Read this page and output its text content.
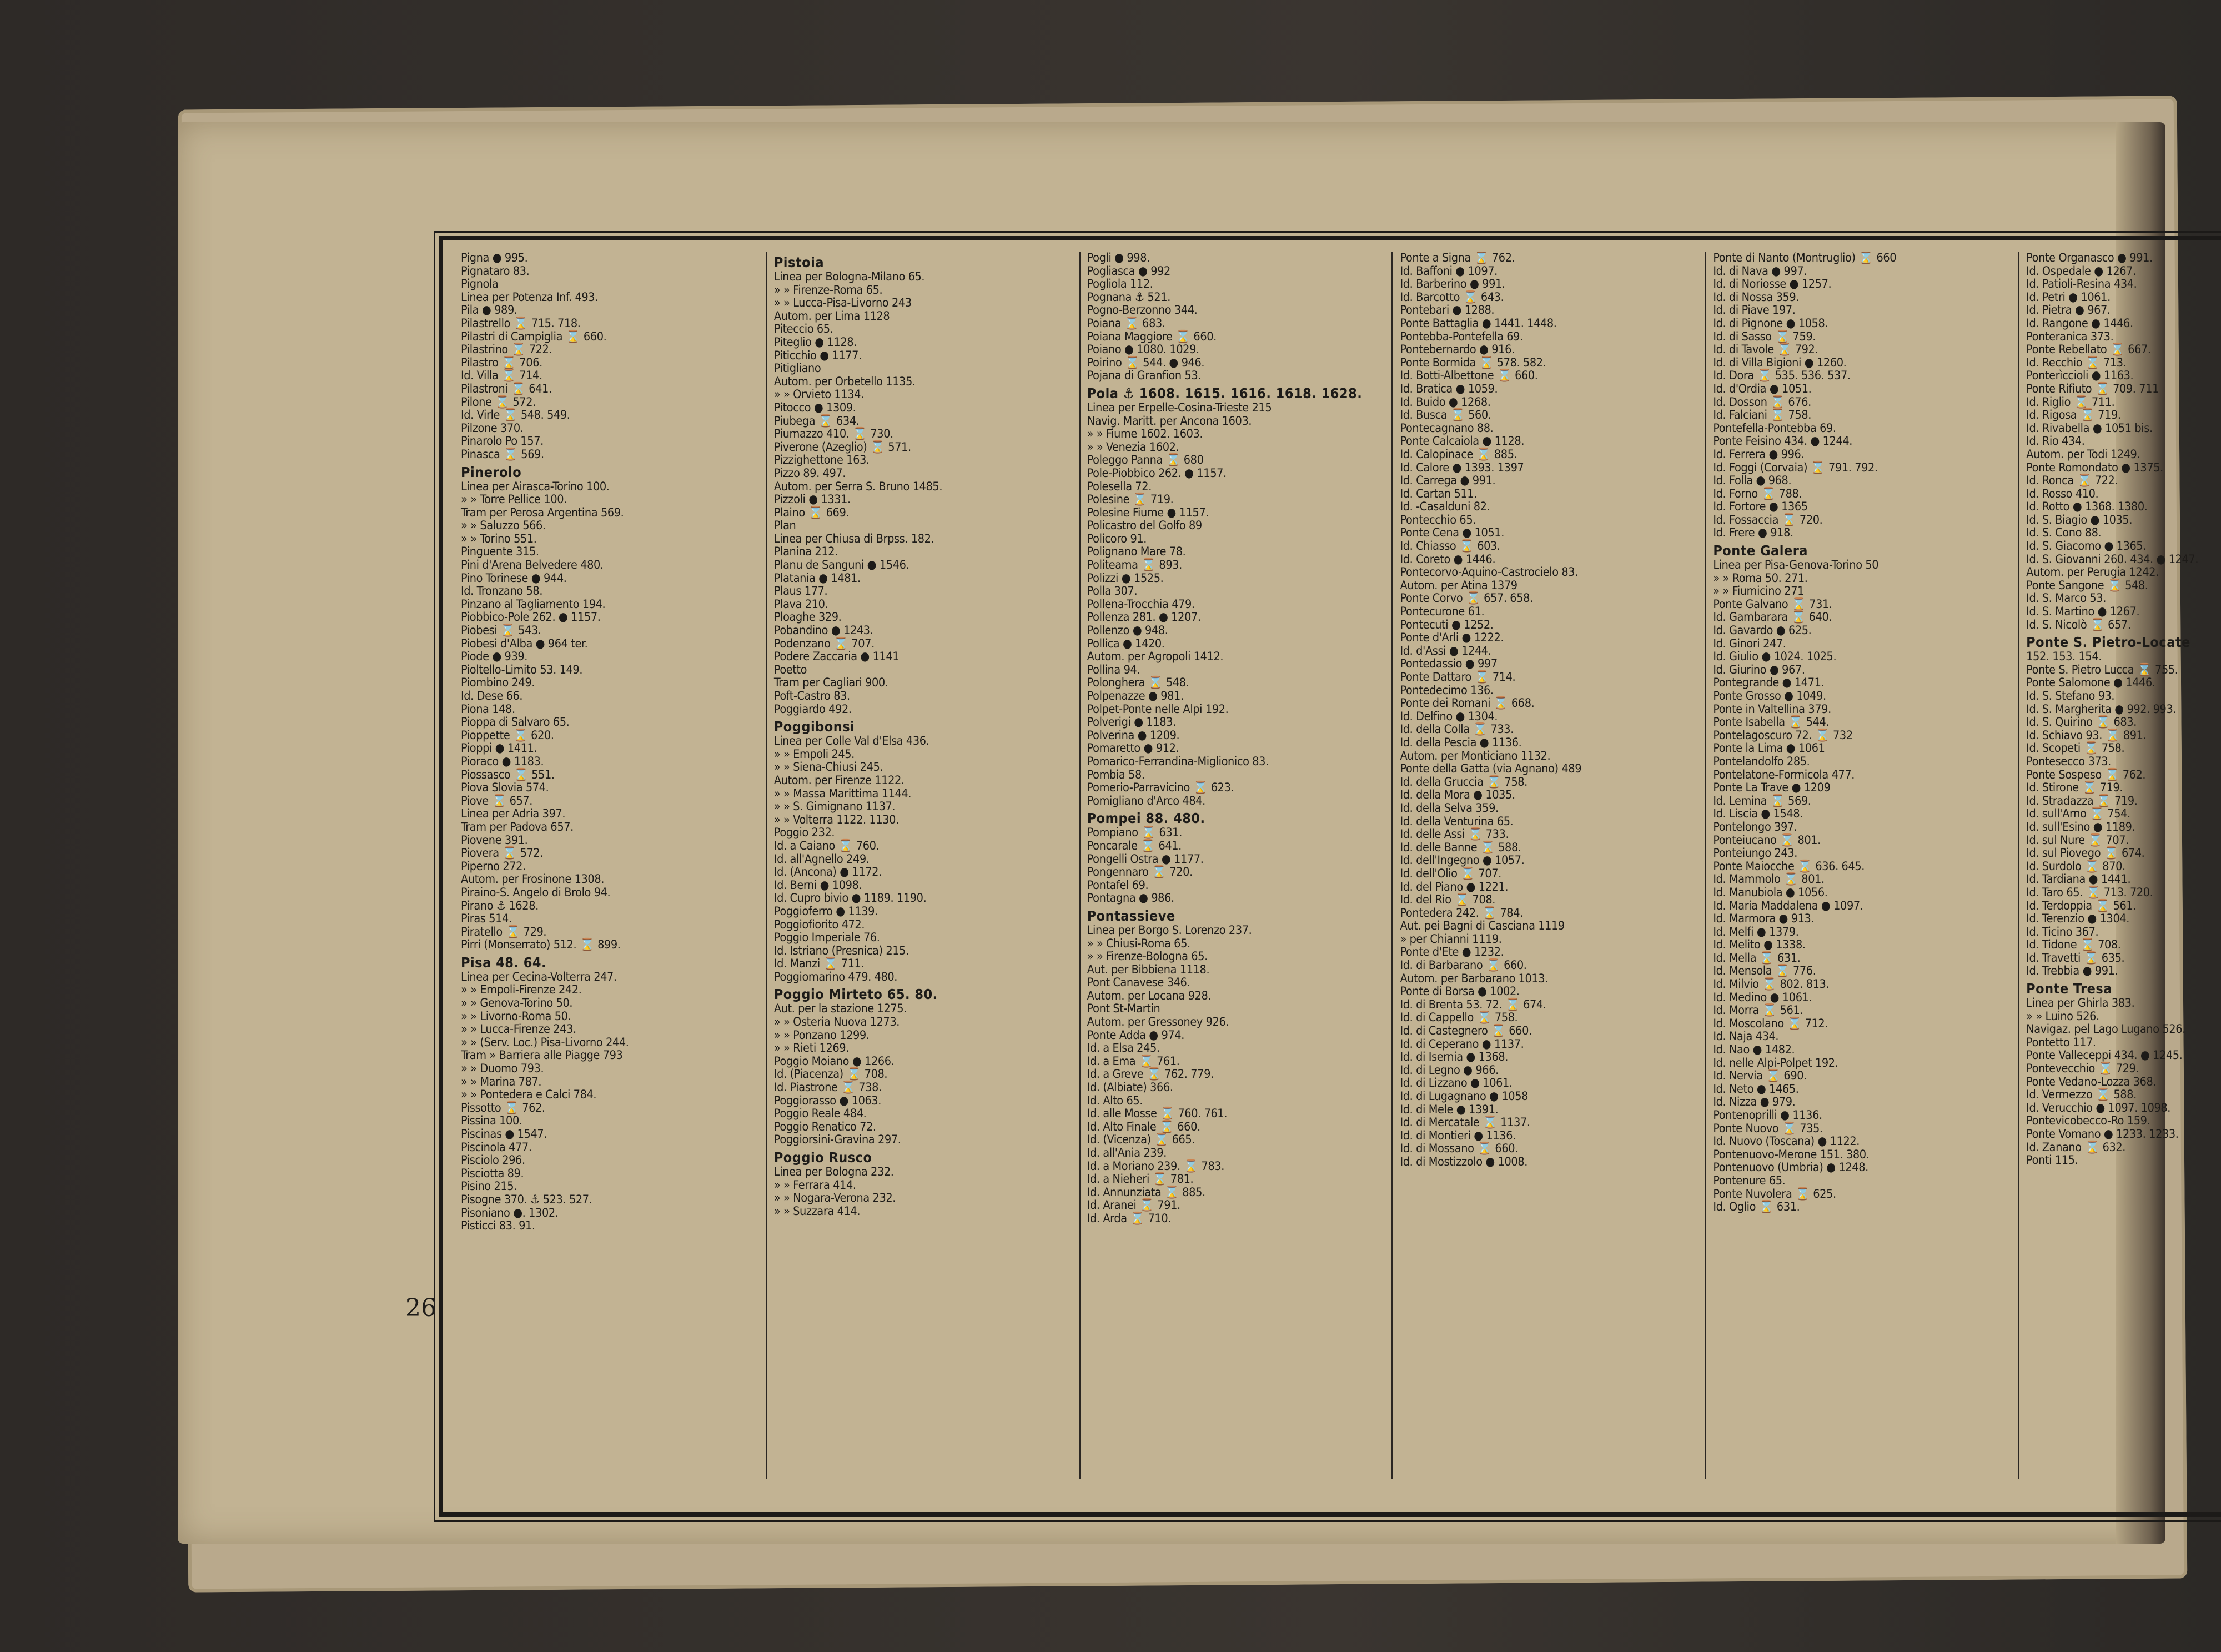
26
Pigna ● 995.
Pignataro 83.
Pignola
Linea per Potenza Inf. 493.
Pila ● 989.
Pilastrello ⌛ 715. 718.
Pilastri di Campiglia ⌛ 660.
Pilastrino ⌛ 722.
Pilastro ⌛ 706.
Id. Villa ⌛ 714.
Pilastroni ⌛ 641.
Pilone ⌛ 572.
Id. Virle ⌛ 548. 549.
Pilzone 370.
Pinarolo Po 157.
Pinasca ⌛ 569.
Pinerolo
Linea per Airasca-Torino 100.
» » Torre Pellice 100.
Tram per Perosa Argentina 569.
» » Saluzzo 566.
» » Torino 551.
Pinguente 315.
Pini d'Arena Belvedere 480.
Pino Torinese ● 944.
Id. Tronzano 58.
Pinzano al Tagliamento 194.
Piobbico-Pole 262. ● 1157.
Piobesi ⌛ 543.
Piobesi d'Alba ● 964 ter.
Piode ● 939.
Pioltello-Limito 53. 149.
Piombino 249.
Id. Dese 66.
Piona 148.
Pioppa di Salvaro 65.
Pioppette ⌛ 620.
Pioppi ● 1411.
Pioraco ● 1183.
Piossasco ⌛ 551.
Piova Slovia 574.
Piove ⌛ 657.
Linea per Adria 397.
Tram per Padova 657.
Piovene 391.
Piovera ⌛ 572.
Piperno 272.
Autom. per Frosinone 1308.
Piraino-S. Angelo di Brolo 94.
Pirano ⚓ 1628.
Piras 514.
Piratello ⌛ 729.
Pirri (Monserrato) 512. ⌛ 899.
Pisa 48. 64.
Linea per Cecina-Volterra 247.
» » Empoli-Firenze 242.
» » Genova-Torino 50.
» » Livorno-Roma 50.
» » Lucca-Firenze 243.
» » (Serv. Loc.) Pisa-Livorno 244.
Tram » Barriera alle Piagge 793
» » Duomo 793.
» » Marina 787.
» » Pontedera e Calci 784.
Pissotto ⌛ 762.
Pissina 100.
Piscinas ● 1547.
Piscinola 477.
Pisciolo 296.
Pisciotta 89.
Pisino 215.
Pisogne 370. ⚓ 523. 527.
Pisoniano ●. 1302.
Pisticci 83. 91.
Pistoia
Linea per Bologna-Milano 65.
» » Firenze-Roma 65.
» » Lucca-Pisa-Livorno 243
Autom. per Lima 1128
Piteccio 65.
Piteglio ● 1128.
Piticchio ● 1177.
Pitigliano
Autom. per Orbetello 1135.
» » Orvieto 1134.
Pitocco ● 1309.
Piubega ⌛ 634.
Piumazzo 410. ⌛ 730.
Piverone (Azeglio) ⌛ 571.
Pizzighettone 163.
Pizzo 89. 497.
Autom. per Serra S. Bruno 1485.
Pizzoli ● 1331.
Plaino ⌛ 669.
Plan
Linea per Chiusa di Brpss. 182.
Planina 212.
Planu de Sanguni ● 1546.
Platania ● 1481.
Plaus 177.
Plava 210.
Ploaghe 329.
Pobandino ● 1243.
Podenzano ⌛ 707.
Podere Zaccaria ● 1141
Poetto
Tram per Cagliari 900.
Poft-Castro 83.
Poggiardo 492.
Poggibonsi
Linea per Colle Val d'Elsa 436.
» » Empoli 245.
» » Siena-Chiusi 245.
Autom. per Firenze 1122.
» » Massa Marittima 1144.
» » S. Gimignano 1137.
» » Volterra 1122. 1130.
Poggio 232.
Id. a Caiano ⌛ 760.
Id. all'Agnello 249.
Id. (Ancona) ● 1172.
Id. Berni ● 1098.
Id. Cupro bivio ● 1189. 1190.
Poggioferro ● 1139.
Poggiofiorito 472.
Poggio Imperiale 76.
Id. Istriano (Presnica) 215.
Id. Manzi ⌛ 711.
Poggiomarino 479. 480.
Poggio Mirteto 65. 80.
Aut. per la stazione 1275.
» » Osteria Nuova 1273.
» » Ponzano 1299.
» » Rieti 1269.
Poggio Moiano ● 1266.
Id. (Piacenza) ⌛ 708.
Id. Piastrone ⌛ 738.
Poggiorasso ● 1063.
Poggio Reale 484.
Poggio Renatico 72.
Poggiorsini-Gravina 297.
Poggio Rusco
Linea per Bologna 232.
» » Ferrara 414.
» » Nogara-Verona 232.
» » Suzzara 414.
Pogli ● 998.
Pogliasca ● 992
Pogliola 112.
Pognana ⚓ 521.
Pogno-Berzonno 344.
Poiana ⌛ 683.
Poiana Maggiore ⌛ 660.
Poiano ● 1080. 1029.
Poirino ⌛ 544. ● 946.
Pojana di Granfion 53.
Pola ⚓ 1608. 1615. 1616. 1618. 1628.
Linea per Erpelle-Cosina-Trieste 215
Navig. Maritt. per Ancona 1603.
» » Fiume 1602. 1603.
» » Venezia 1602.
Poleggo Panna ⌛ 680
Pole-Piobbico 262. ● 1157.
Polesella 72.
Polesine ⌛ 719.
Polesine Fiume ● 1157.
Policastro del Golfo 89
Policoro 91.
Polignano Mare 78.
Politeama ⌛ 893.
Polizzi ● 1525.
Polla 307.
Pollena-Trocchia 479.
Pollenza 281. ● 1207.
Pollenzo ● 948.
Pollica ● 1420.
Autom. per Agropoli 1412.
Pollina 94.
Polonghera ⌛ 548.
Polpenazze ● 981.
Polpet-Ponte nelle Alpi 192.
Polverigi ● 1183.
Polverina ● 1209.
Pomaretto ● 912.
Pomarico-Ferrandina-Miglionico 83.
Pombia 58.
Pomerio-Parravicino ⌛ 623.
Pomigliano d'Arco 484.
Pompei 88. 480.
Pompiano ⌛ 631.
Poncarale ⌛ 641.
Pongelli Ostra ● 1177.
Pongennaro ⌛ 720.
Pontafel 69.
Pontagna ● 986.
Pontassieve
Linea per Borgo S. Lorenzo 237.
» » Chiusi-Roma 65.
» » Firenze-Bologna 65.
Aut. per Bibbiena 1118.
Pont Canavese 346.
Autom. per Locana 928.
Pont St-Martin
Autom. per Gressoney 926.
Ponte Adda ● 974.
Id. a Elsa 245.
Id. a Ema ⌛ 761.
Id. a Greve ⌛ 762. 779.
Id. (Albiate) 366.
Id. Alto 65.
Id. alle Mosse ⌛ 760. 761.
Id. Alto Finale ⌛ 660.
Id. (Vicenza) ⌛ 665.
Id. all'Ania 239.
Id. a Moriano 239. ⌛ 783.
Id. a Nieheri ⌛ 781.
Id. Annunziata ⌛ 885.
Id. Aranei ⌛ 791.
Id. Arda ⌛ 710.
Ponte a Signa ⌛ 762.
Id. Baffoni ● 1097.
Id. Barberino ● 991.
Id. Barcotto ⌛ 643.
Pontebari ● 1288.
Ponte Battaglia ● 1441. 1448.
Pontebba-Pontefella 69.
Pontebernardo ● 916.
Ponte Bormida ⌛ 578. 582.
Id. Botti-Albettone ⌛ 660.
Id. Bratica ● 1059.
Id. Buido ● 1268.
Id. Busca ⌛ 560.
Pontecagnano 88.
Ponte Calcaiola ● 1128.
Id. Calopinace ⌛ 885.
Id. Calore ● 1393. 1397
Id. Carrega ● 991.
Id. Cartan 511.
Id. -Casalduni 82.
Pontecchio 65.
Ponte Cena ● 1051.
Id. Chiasso ⌛ 603.
Id. Coreto ● 1446.
Pontecorvo-Aquino-Castrocielo 83.
Autom. per Atina 1379
Ponte Corvo ⌛ 657. 658.
Pontecurone 61.
Pontecuti ● 1252.
Ponte d'Arli ● 1222.
Id. d'Assi ● 1244.
Pontedassio ● 997
Ponte Dattaro ⌛ 714.
Pontedecimo 136.
Ponte dei Romani ⌛ 668.
Id. Delfino ● 1304.
Id. della Colla ⌛ 733.
Id. della Pescia ● 1136.
Autom. per Monticiano 1132.
Ponte della Gatta (via Agnano) 489
Id. della Gruccia ⌛ 758.
Id. della Mora ● 1035.
Id. della Selva 359.
Id. della Venturina 65.
Id. delle Assi ⌛ 733.
Id. delle Banne ⌛ 588.
Id. dell'Ingegno ● 1057.
Id. dell'Olio ⌛ 707.
Id. del Piano ● 1221.
Id. del Rio ⌛ 708.
Pontedera 242. ⌛ 784.
Aut. pei Bagni di Casciana 1119
» per Chianni 1119.
Ponte d'Ete ● 1232.
Id. di Barbarano ⌛ 660.
Autom. per Barbarano 1013.
Ponte di Borsa ● 1002.
Id. di Brenta 53. 72. ⌛ 674.
Id. di Cappello ⌛ 758.
Id. di Castegnero ⌛ 660.
Id. di Ceperano ● 1137.
Id. di Isernia ● 1368.
Id. di Legno ● 966.
Id. di Lizzano ● 1061.
Id. di Lugagnano ● 1058
Id. di Mele ● 1391.
Id. di Mercatale ⌛ 1137.
Id. di Montieri ● 1136.
Id. di Mossano ⌛ 660.
Id. di Mostizzolo ● 1008.
Ponte di Nanto (Montruglio) ⌛ 660
Id. di Nava ● 997.
Id. di Noriosse ● 1257.
Id. di Nossa 359.
Id. di Piave 197.
Id. di Pignone ● 1058.
Id. di Sasso ⌛ 759.
Id. di Tavole ⌛ 792.
Id. di Villa Bigioni ● 1260.
Id. Dora ⌛ 535. 536. 537.
Id. d'Ordia ● 1051.
Id. Dosson ⌛ 676.
Id. Falciani ⌛ 758.
Pontefella-Pontebba 69.
Ponte Feisino 434. ● 1244.
Id. Ferrera ● 996.
Id. Foggi (Corvaia) ⌛ 791. 792.
Id. Folla ● 968.
Id. Forno ⌛ 788.
Id. Fortore ● 1365
Id. Fossaccia ⌛ 720.
Id. Frere ● 918.
Ponte Galera
Linea per Pisa-Genova-Torino 50
» » Roma 50. 271.
» » Fiumicino 271
Ponte Galvano ⌛ 731.
Id. Gambarara ⌛ 640.
Id. Gavardo ● 625.
Id. Ginori 247.
Id. Giulio ● 1024. 1025.
Id. Giurino ● 967.
Pontegrande ● 1471.
Ponte Grosso ● 1049.
Ponte in Valtellina 379.
Ponte Isabella ⌛ 544.
Pontelagoscuro 72. ⌛ 732
Ponte la Lima ● 1061
Pontelandolfo 285.
Pontelatone-Formicola 477.
Ponte La Trave ● 1209
Id. Lemina ⌛ 569.
Id. Liscia ● 1548.
Pontelongo 397.
Ponteiucano ⌛ 801.
Ponteiungo 243.
Ponte Maiocche ⌛ 636. 645.
Id. Mammolo ⌛ 801.
Id. Manubiola ● 1056.
Id. Maria Maddalena ● 1097.
Id. Marmora ● 913.
Id. Melfi ● 1379.
Id. Melito ● 1338.
Id. Mella ⌛ 631.
Id. Mensola ⌛ 776.
Id. Milvio ⌛ 802. 813.
Id. Medino ● 1061.
Id. Morra ⌛ 561.
Id. Moscolano ⌛ 712.
Id. Naja 434.
Id. Nao ● 1482.
Id. nelle Alpi-Polpet 192.
Id. Nervia ⌛ 690.
Id. Neto ● 1465.
Id. Nizza ● 979.
Pontenoprilli ● 1136.
Ponte Nuovo ⌛ 735.
Id. Nuovo (Toscana) ● 1122.
Pontenuovo-Merone 151. 380.
Pontenuovo (Umbria) ● 1248.
Pontenure 65.
Ponte Nuvolera ⌛ 625.
Id. Oglio ⌛ 631.
Ponte Organasco ● 991.
Id. Ospedale ● 1267.
Id. Patioli-Resina 434.
Id. Petri ● 1061.
Id. Pietra ● 967.
Id. Rangone ● 1446.
Ponteranica 373.
Ponte Rebellato ⌛ 667.
Id. Recchio ⌛ 713.
Ponterìccioli ● 1163.
Ponte Rifiuto ⌛ 709. 711
Id. Riglio ⌛ 711.
Id. Rigosa ⌛ 719.
Id. Rivabella ● 1051 bis.
Id. Rio 434.
Autom. per Todi 1249.
Ponte Romondato ● 1375.
Id. Ronca ⌛ 722.
Id. Rosso 410.
Id. Rotto ● 1368. 1380.
Id. S. Biagio ● 1035.
Id. S. Cono 88.
Id. S. Giacomo ● 1365.
Id. S. Giovanni 260. 434. ● 1247.
Autom. per Perugia 1242.
Ponte Sangone ⌛ 548.
Id. S. Marco 53.
Id. S. Martino ● 1267.
Id. S. Nicolò ⌛ 657.
Ponte S. Pietro-Locate
152. 153. 154.
Ponte S. Pietro Lucca ⌛ 755.
Ponte Salomone ● 1446.
Id. S. Stefano 93.
Id. S. Margherita ● 992. 993.
Id. S. Quirino ⌛ 683.
Id. Schiavo 93. ⌛ 891.
Id. Scopeti ⌛ 758.
Pontesecco 373.
Ponte Sospeso ⌛ 762.
Id. Stirone ⌛ 719.
Id. Stradazza ⌛ 719.
Id. sull'Arno ⌛ 754.
Id. sull'Esino ● 1189.
Id. sul Nure ⌛ 707.
Id. sul Piovego ⌛ 674.
Id. Surdolo ⌛ 870.
Id. Tardiana ● 1441.
Id. Taro 65. ⌛ 713. 720.
Id. Terdoppia ⌛ 561.
Id. Terenzio ● 1304.
Id. Ticino 367.
Id. Tidone ⌛ 708.
Id. Travetti ⌛ 635.
Id. Trebbia ● 991.
Ponte Tresa
Linea per Ghirla 383.
» » Luino 526.
Navigaz. pel Lago Lugano 526.
Pontetto 117.
Ponte Valleceppi 434. ● 1245.
Pontevecchio ⌛ 729.
Ponte Vedano-Lozza 368.
Id. Vermezzo ⌛ 588.
Id. Verucchio ● 1097. 1098.
Pontevicobecco-Ro 159.
Ponte Vomano ● 1233. 1233.
Id. Zanano ⌛ 632.
Ponti 115.
